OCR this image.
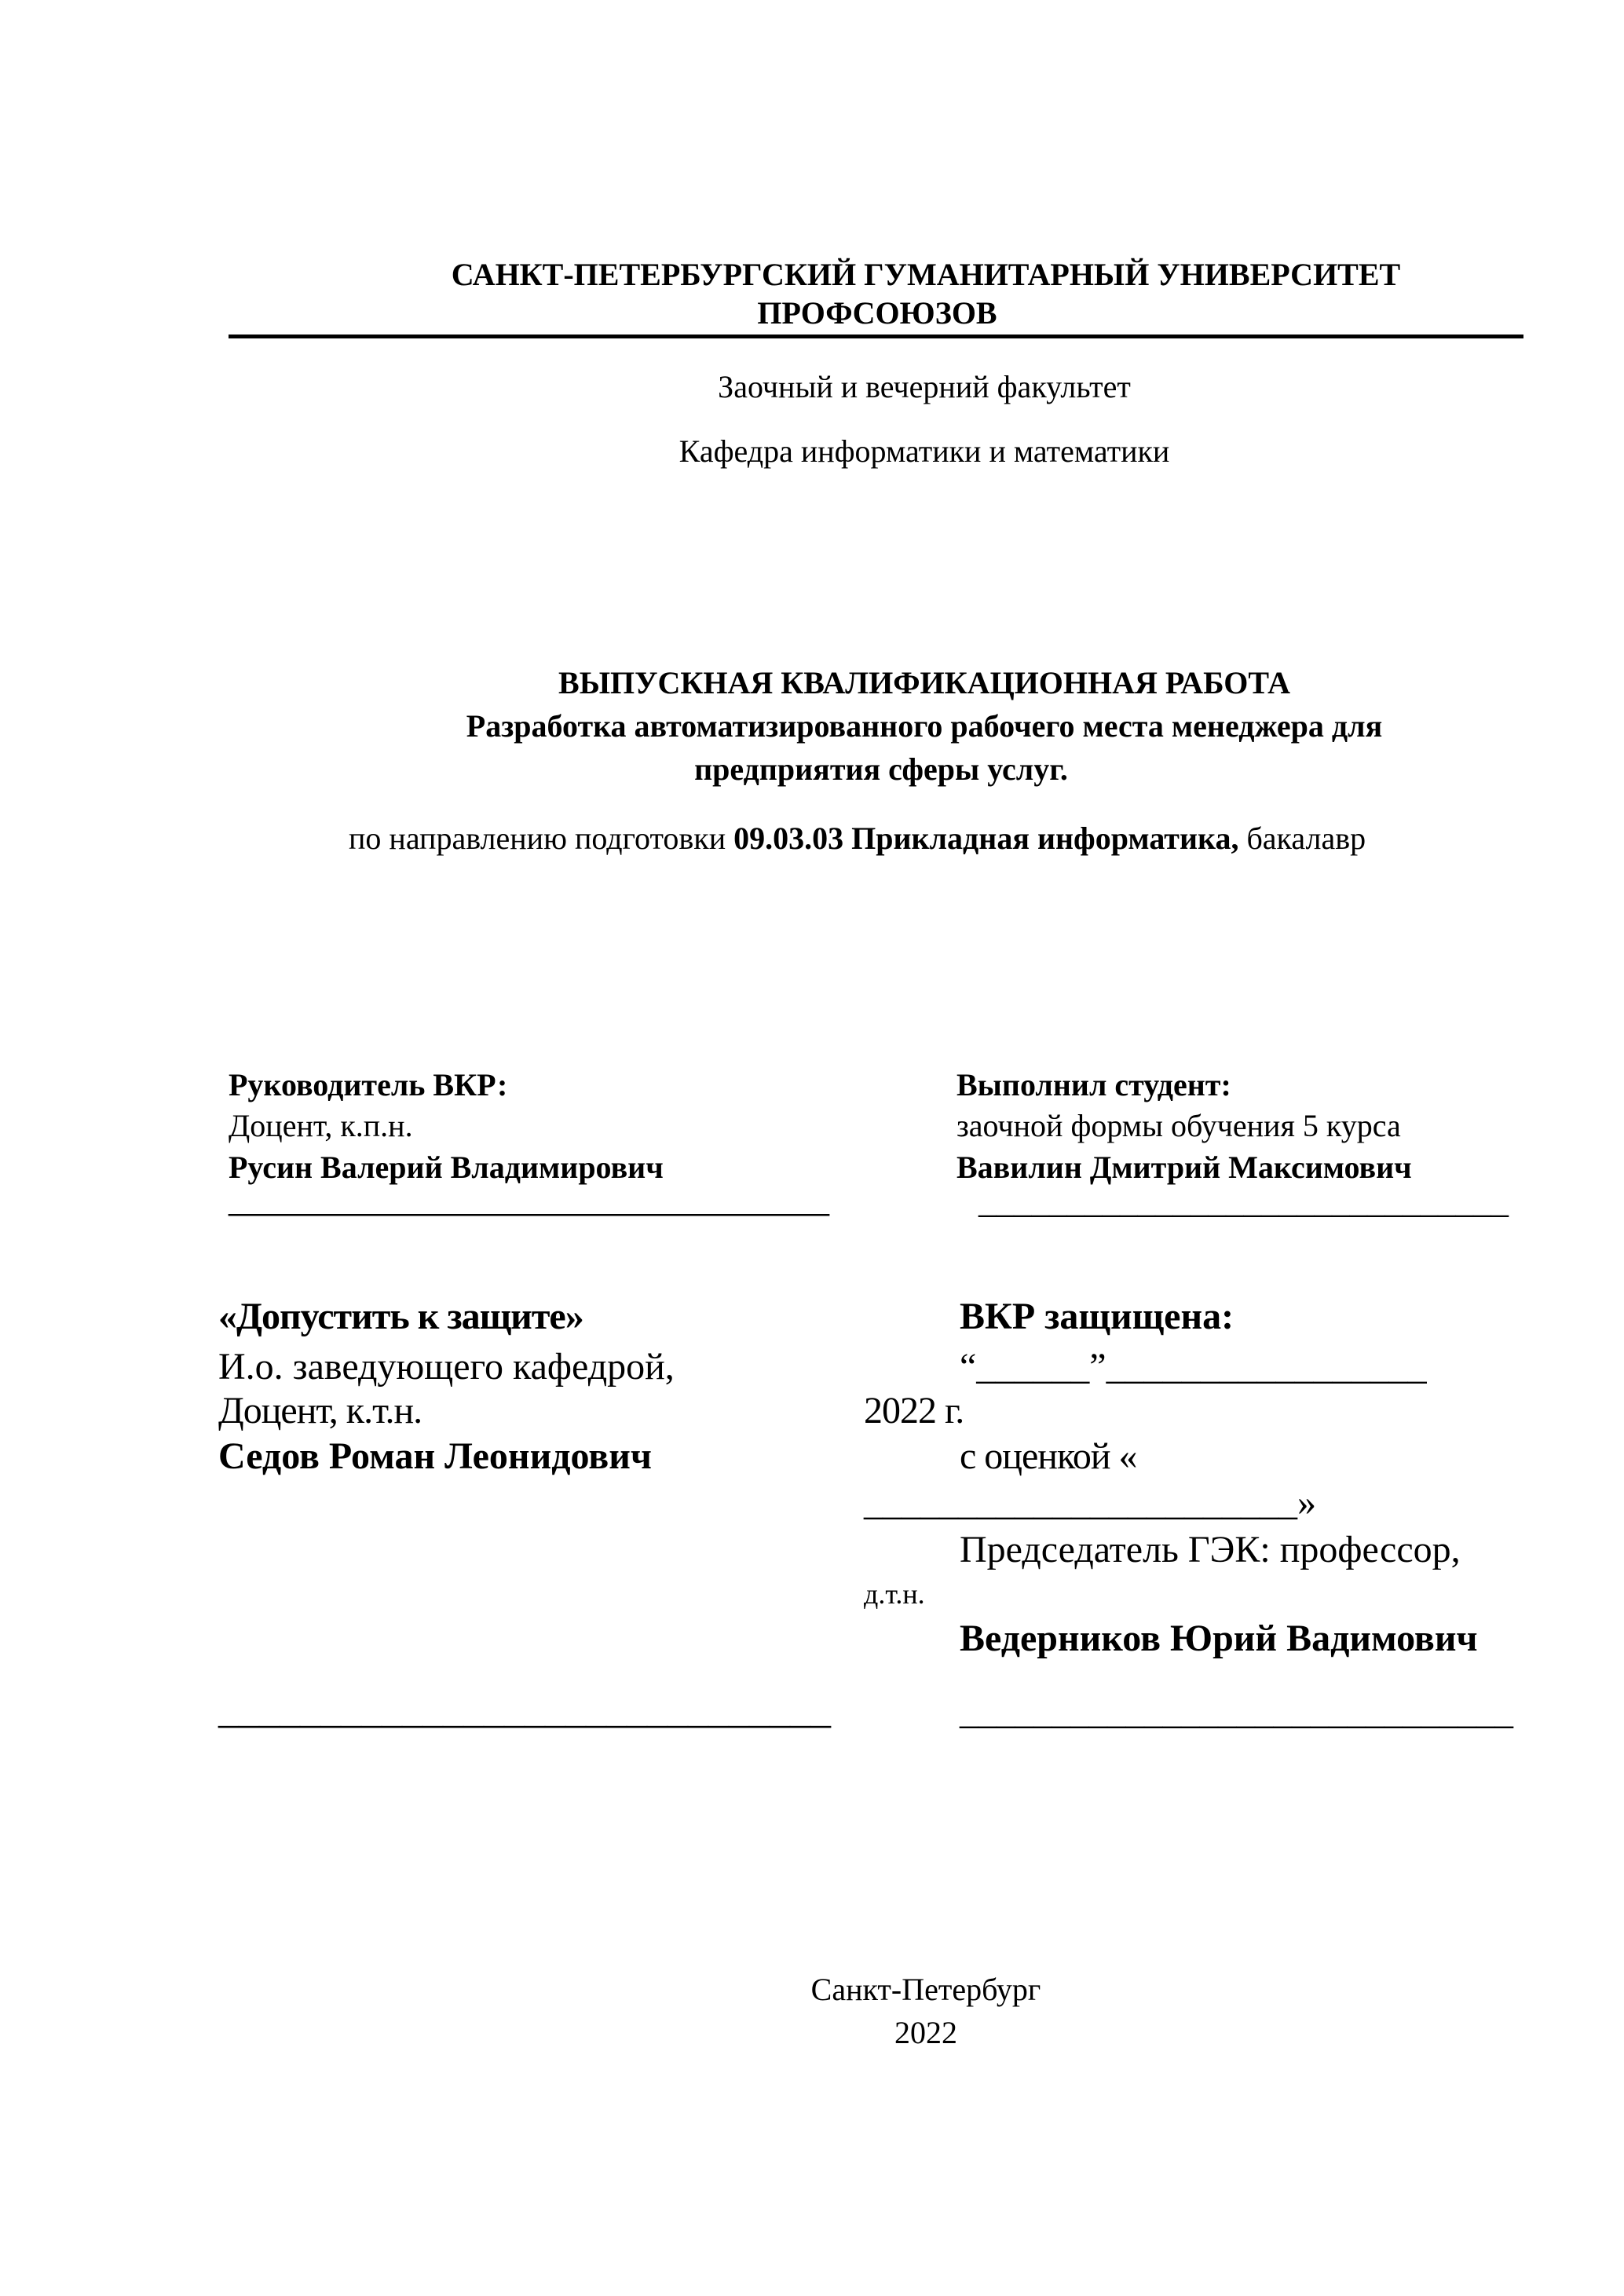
САНКТ-ПЕТЕРБУРГСКИЙ ГУМАНИТАРНЫЙ УНИВЕРСИТЕТ
ПРОФСОЮЗОВ
Заочный и вечерний факультет
Кафедра информатики и математики
ВЫПУСКНАЯ КВАЛИФИКАЦИОННАЯ РАБОТА
Разработка автоматизированного рабочего места менеджера для
предприятия сферы услуг.
по направлению подготовки 09.03.03 Прикладная информатика, бакалавр
Руководитель ВКР:
Доцент, к.п.н.
Русин Валерий Владимирович
______________________________
Выполнил студент:
заочной формы обучения 5 курса
Вавилин Дмитрий Максимович
______________________________
«Допустить к защите»
И.о. заведующего кафедрой,
Доцент, к.т.н.
Седов Роман Леонидович
______________________________
ВКР защищена:
“______”_________________
2022 г.
с оценкой «
_______________________»
Председатель ГЭК: профессор,
д.т.н.
Ведерников Юрий Вадимович
______________________________
Санкт-Петербург
2022
